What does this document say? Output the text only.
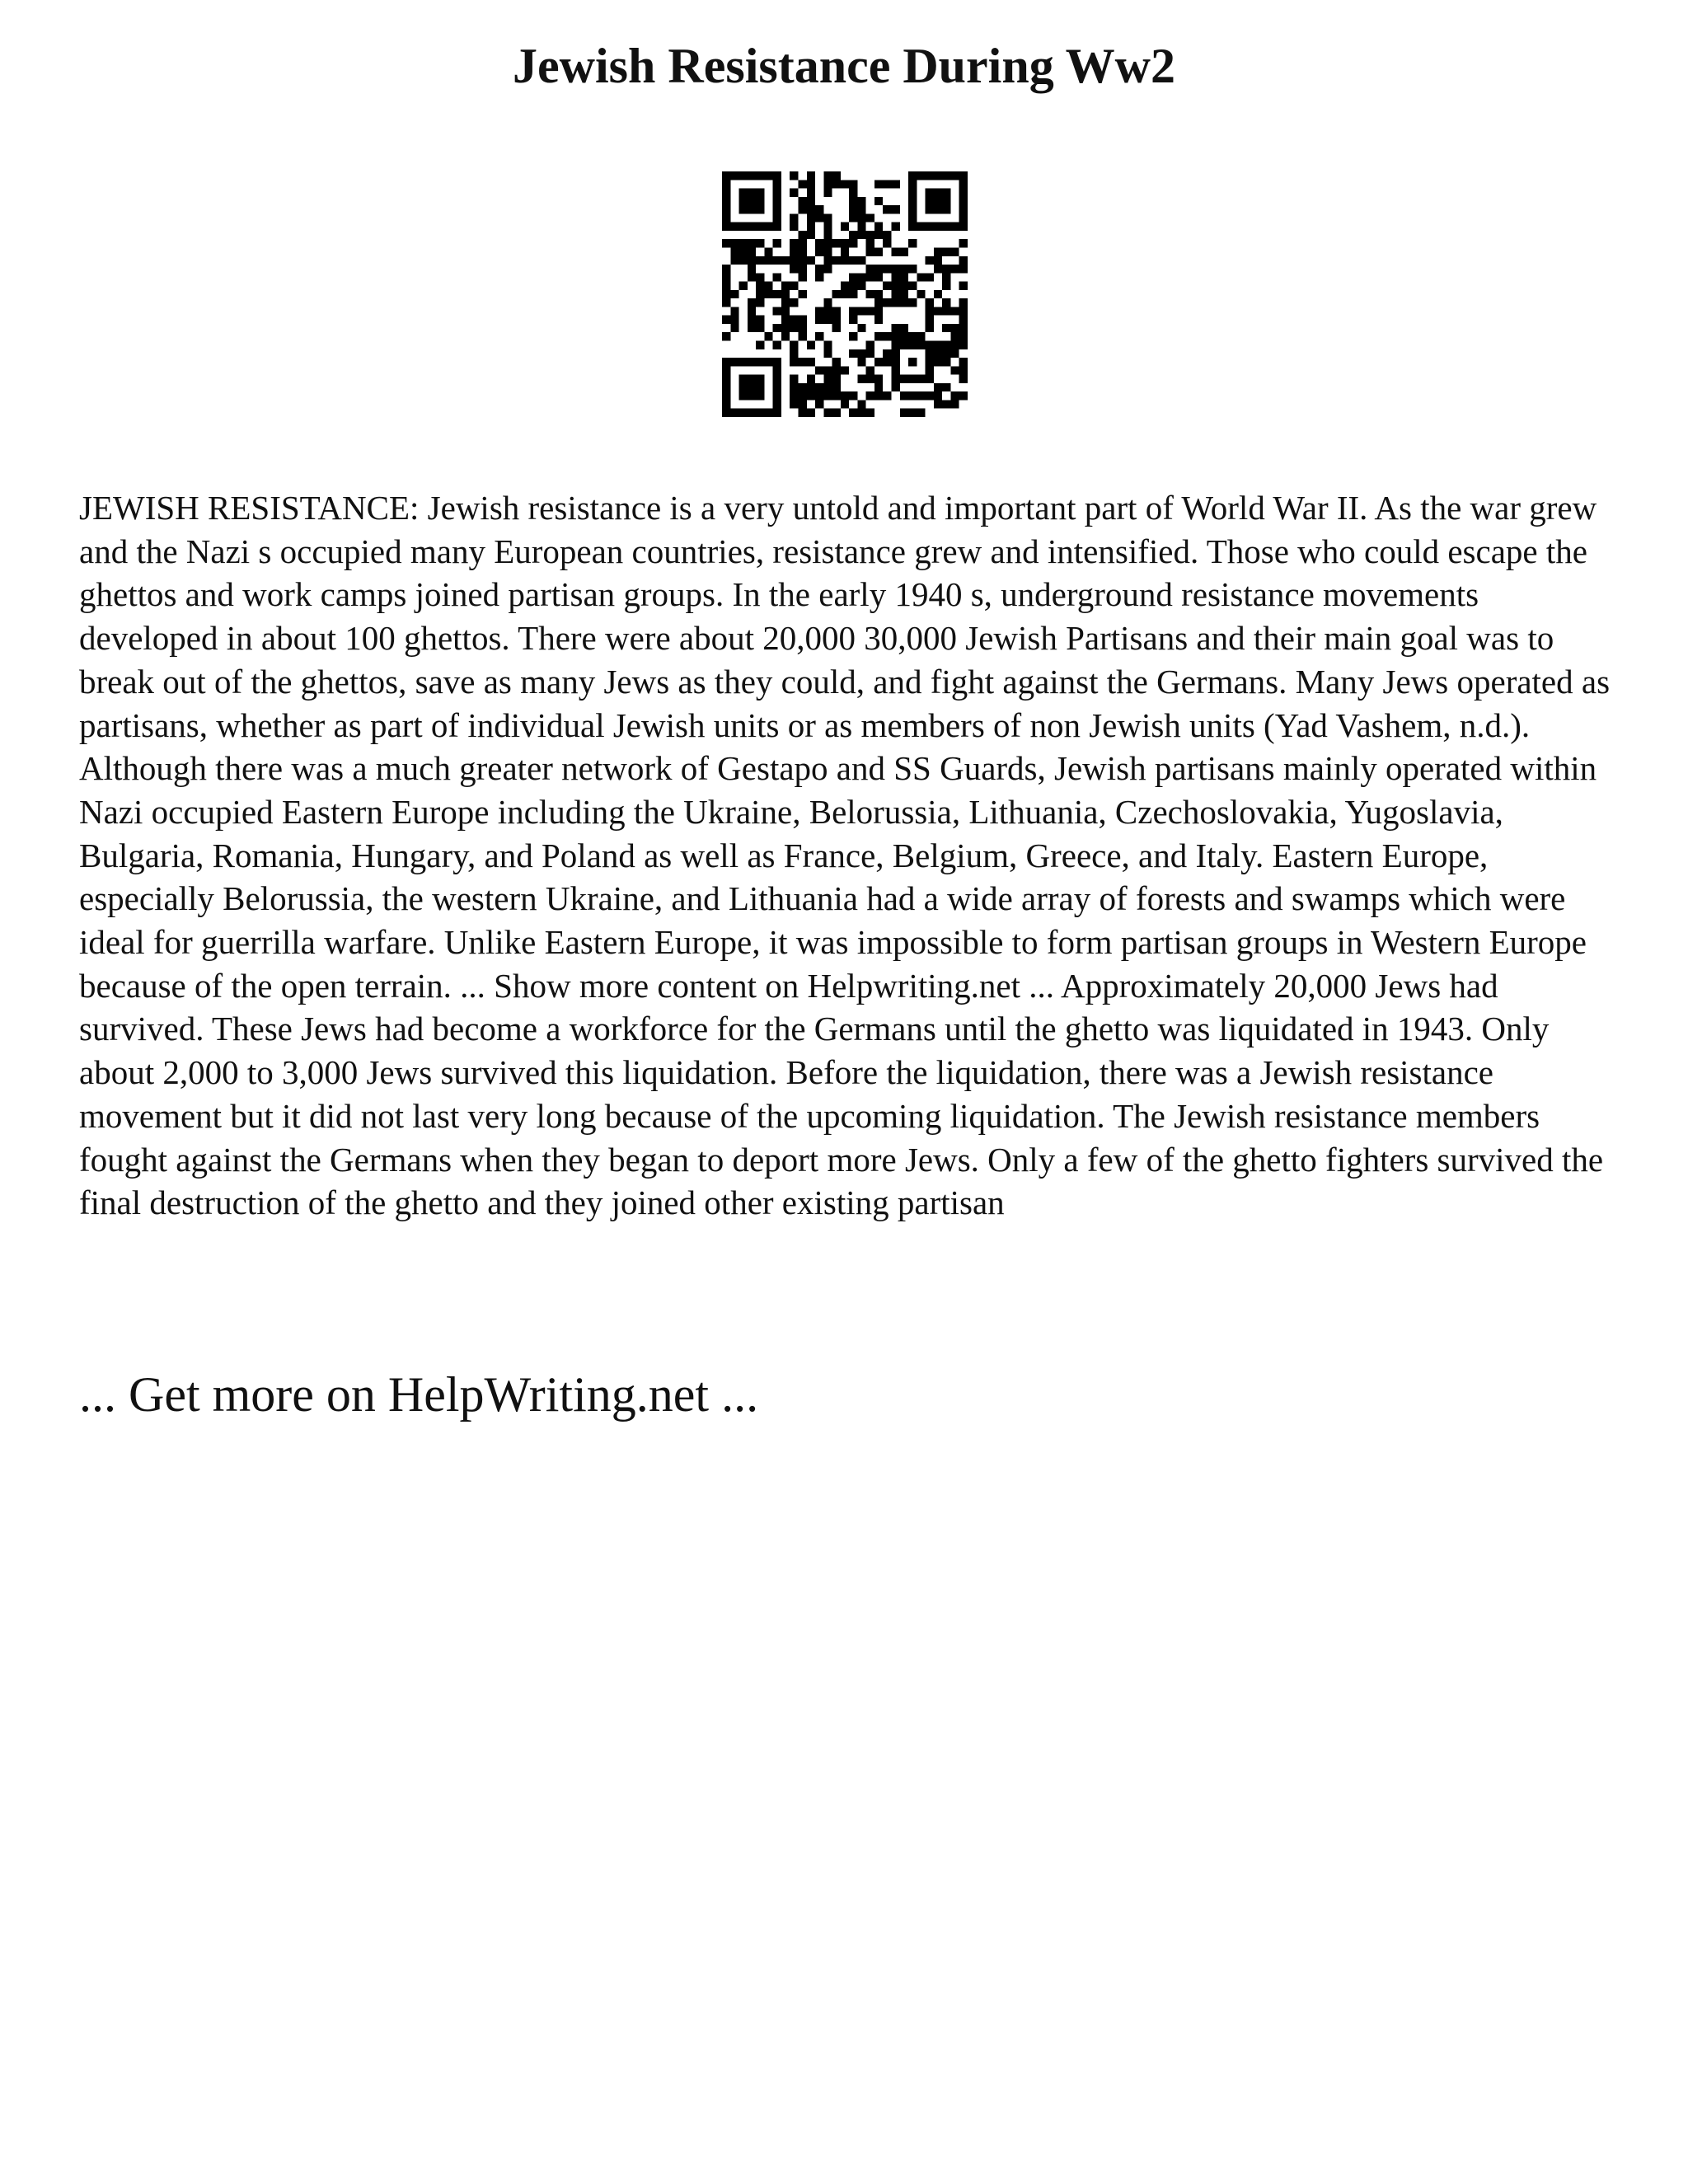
Jewish Resistance During Ww2

JEWISH RESISTANCE: Jewish resistance is a very untold and important part of World War II. As the war grew and the Nazi s occupied many European countries, resistance grew and intensified. Those who could escape the ghettos and work camps joined partisan groups. In the early 1940 s, underground resistance movements developed in about 100 ghettos. There were about 20,000 30,000 Jewish Partisans and their main goal was to break out of the ghettos, save as many Jews as they could, and fight against the Germans. Many Jews operated as partisans, whether as part of individual Jewish units or as members of non Jewish units (Yad Vashem, n.d.). Although there was a much greater network of Gestapo and SS Guards, Jewish partisans mainly operated within Nazi occupied Eastern Europe including the Ukraine, Belorussia, Lithuania, Czechoslovakia, Yugoslavia, Bulgaria, Romania, Hungary, and Poland as well as France, Belgium, Greece, and Italy. Eastern Europe, especially Belorussia, the western Ukraine, and Lithuania had a wide array of forests and swamps which were ideal for guerrilla warfare. Unlike Eastern Europe, it was impossible to form partisan groups in Western Europe because of the open terrain. ... Show more content on Helpwriting.net ... Approximately 20,000 Jews had survived. These Jews had become a workforce for the Germans until the ghetto was liquidated in 1943. Only about 2,000 to 3,000 Jews survived this liquidation. Before the liquidation, there was a Jewish resistance movement but it did not last very long because of the upcoming liquidation. The Jewish resistance members fought against the Germans when they began to deport more Jews. Only a few of the ghetto fighters survived the final destruction of the ghetto and they joined other existing partisan

... Get more on HelpWriting.net ...
